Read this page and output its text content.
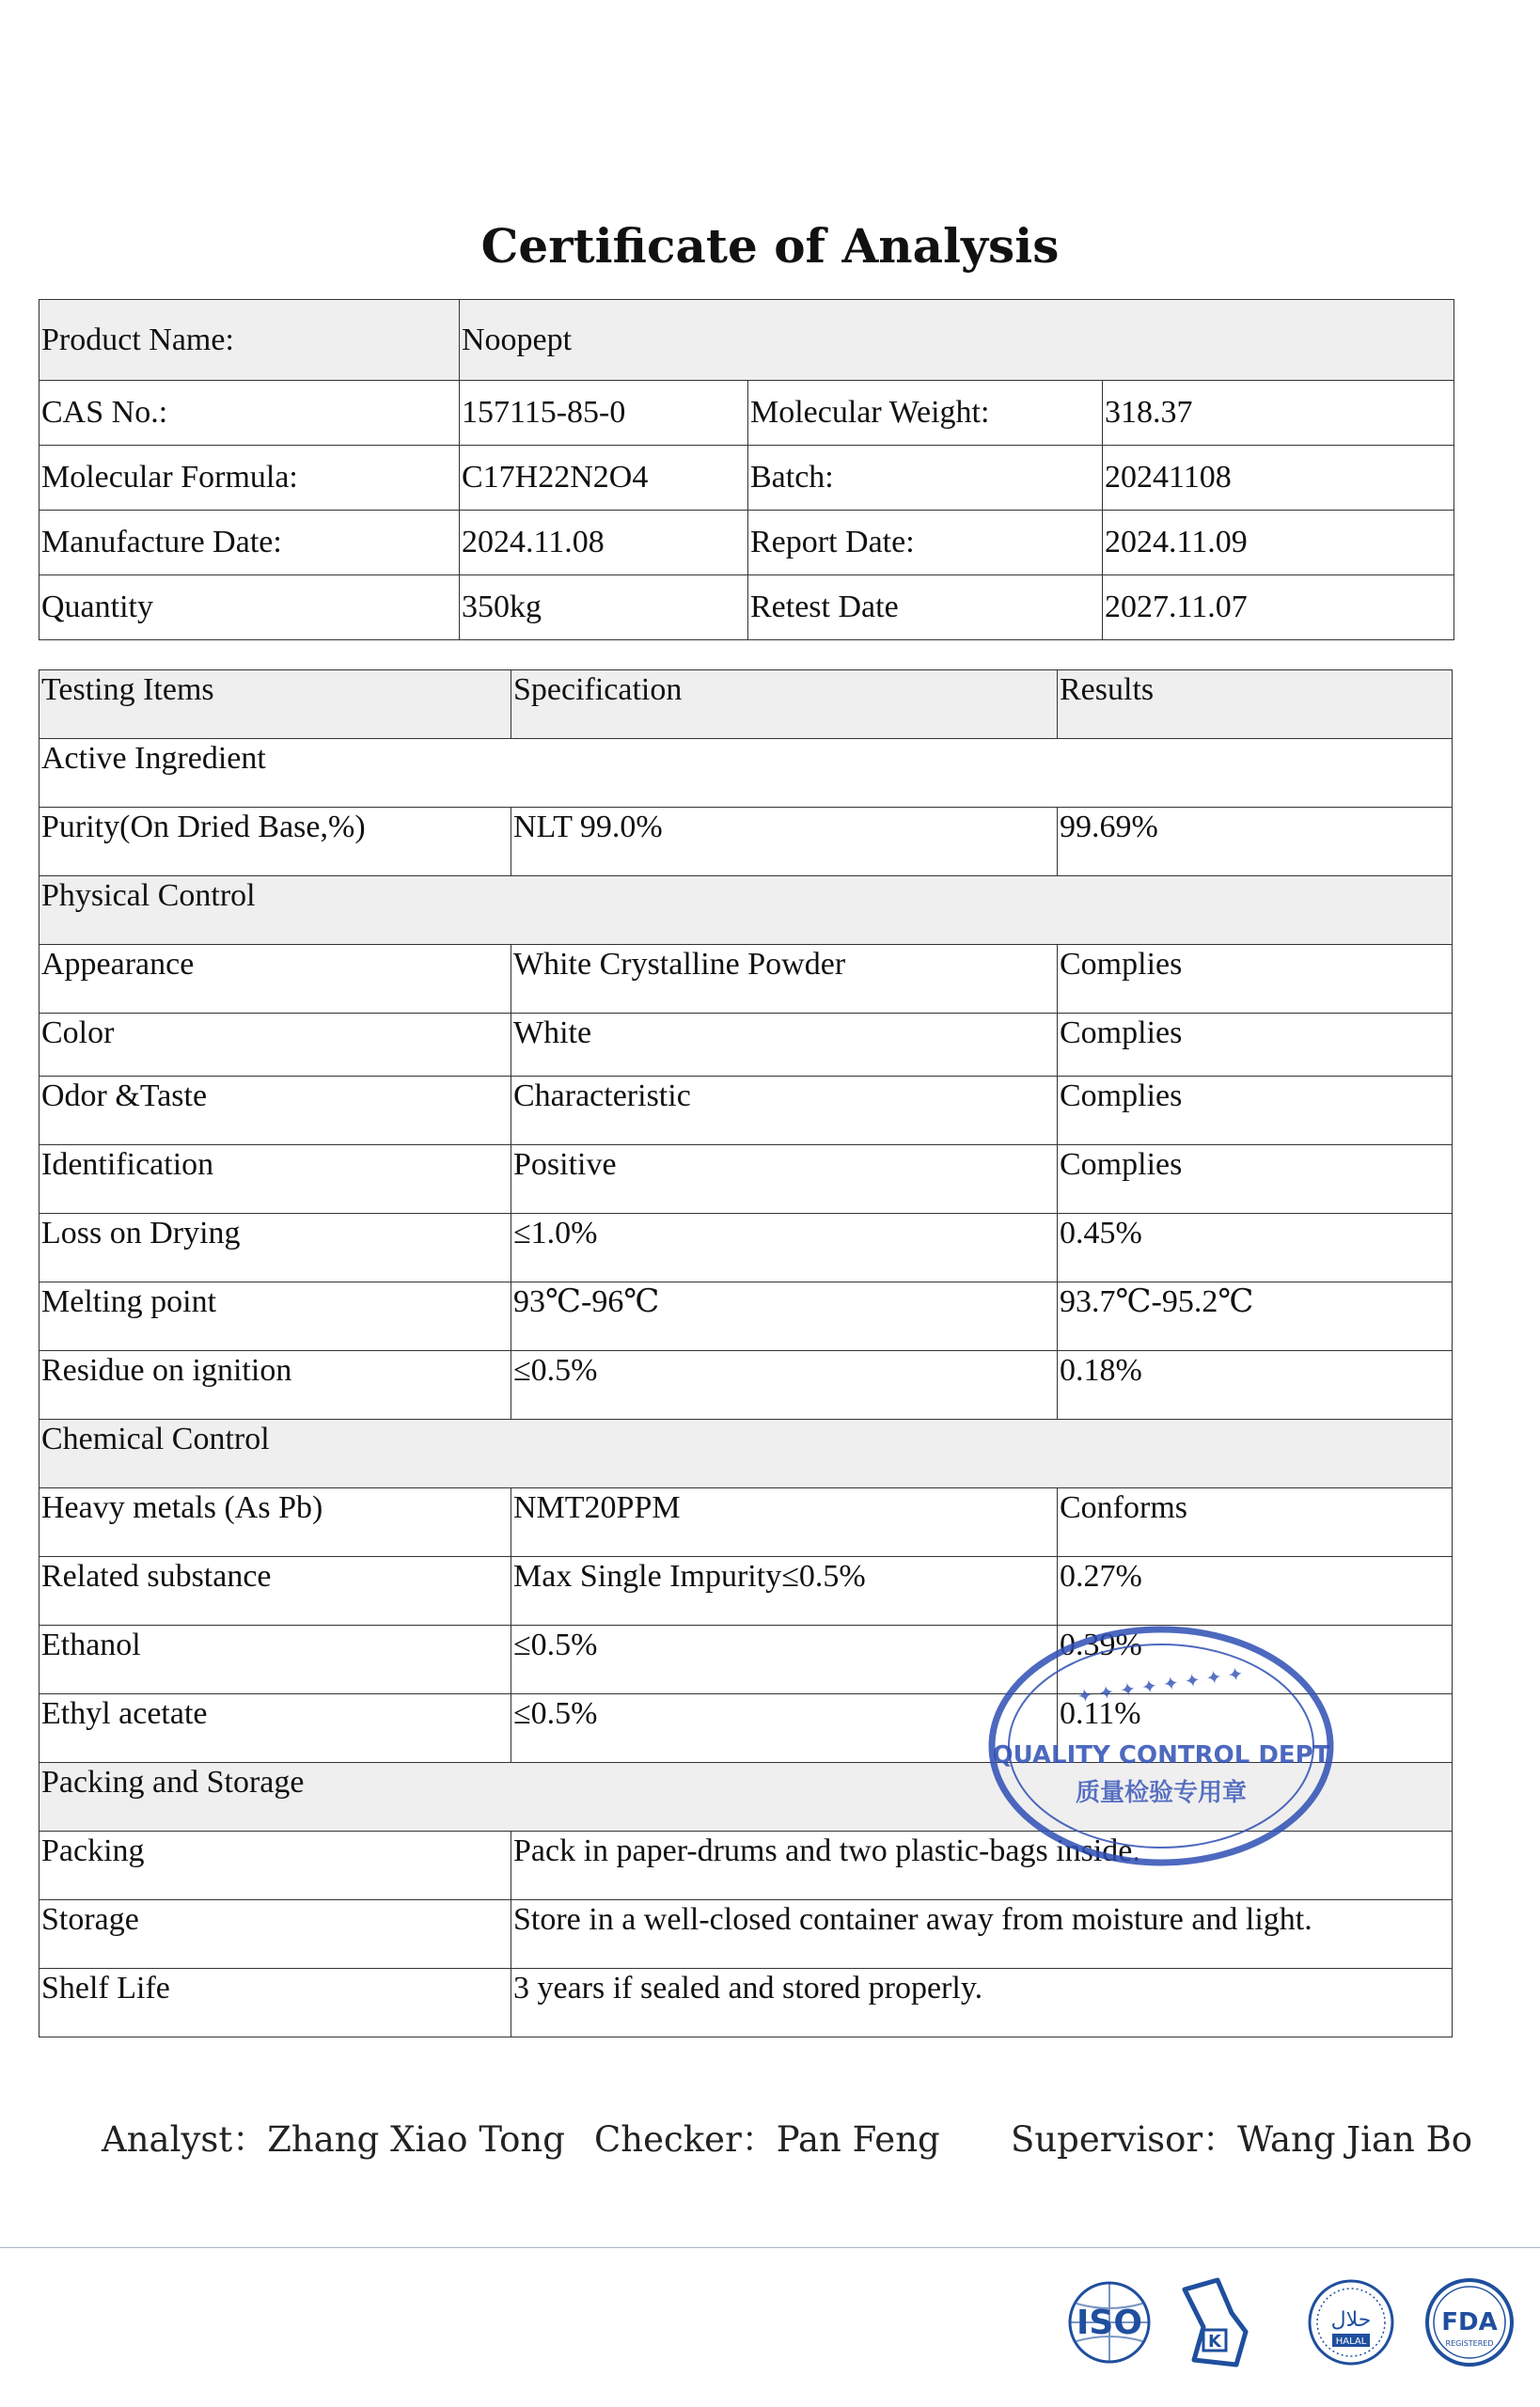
Certificate of Analysis
Product Name:	Noopept		
CAS No.:	157115-85-0	Molecular Weight:	318.37
Molecular Formula:	C17H22N2O4	Batch:	20241108
Manufacture Date:	2024.11.08	Report Date:	2024.11.09
Quantity	350kg	Retest Date	2027.11.07
Testing Items	Specification	Results
Active Ingredient		
Purity(On Dried Base,%)	NLT 99.0%	99.69%
Physical Control		
Appearance	White Crystalline Powder	Complies
Color	White	Complies
Odor &Taste	Characteristic	Complies
Identification	Positive	Complies
Loss on Drying	≤1.0%	0.45%
Melting point	93℃-96℃	93.7℃-95.2℃
Residue on ignition	≤0.5%	0.18%
Chemical Control		
Heavy metals (As Pb)	NMT20PPM	Conforms
Related substance	Max Single Impurity≤0.5%	0.27%
Ethanol	≤0.5%	0.39%
Ethyl acetate	≤0.5%	0.11%
Packing and Storage		
Packing	Pack in paper-drums and two plastic-bags inside.	
Storage	Store in a well-closed container away from moisture and light.	
Shelf Life	3 years if sealed and stored properly.	
✦ ✦ ✦ ✦ ✦ ✦ ✦ ✦
QUALITY CONTROL DEPT
质量检验专用章
Analyst：Zhang Xiao Tong Checker：Pan Feng Supervisor：Wang Jian Bo
ISO	K
حلال
HALAL
FDA
REGISTERED
